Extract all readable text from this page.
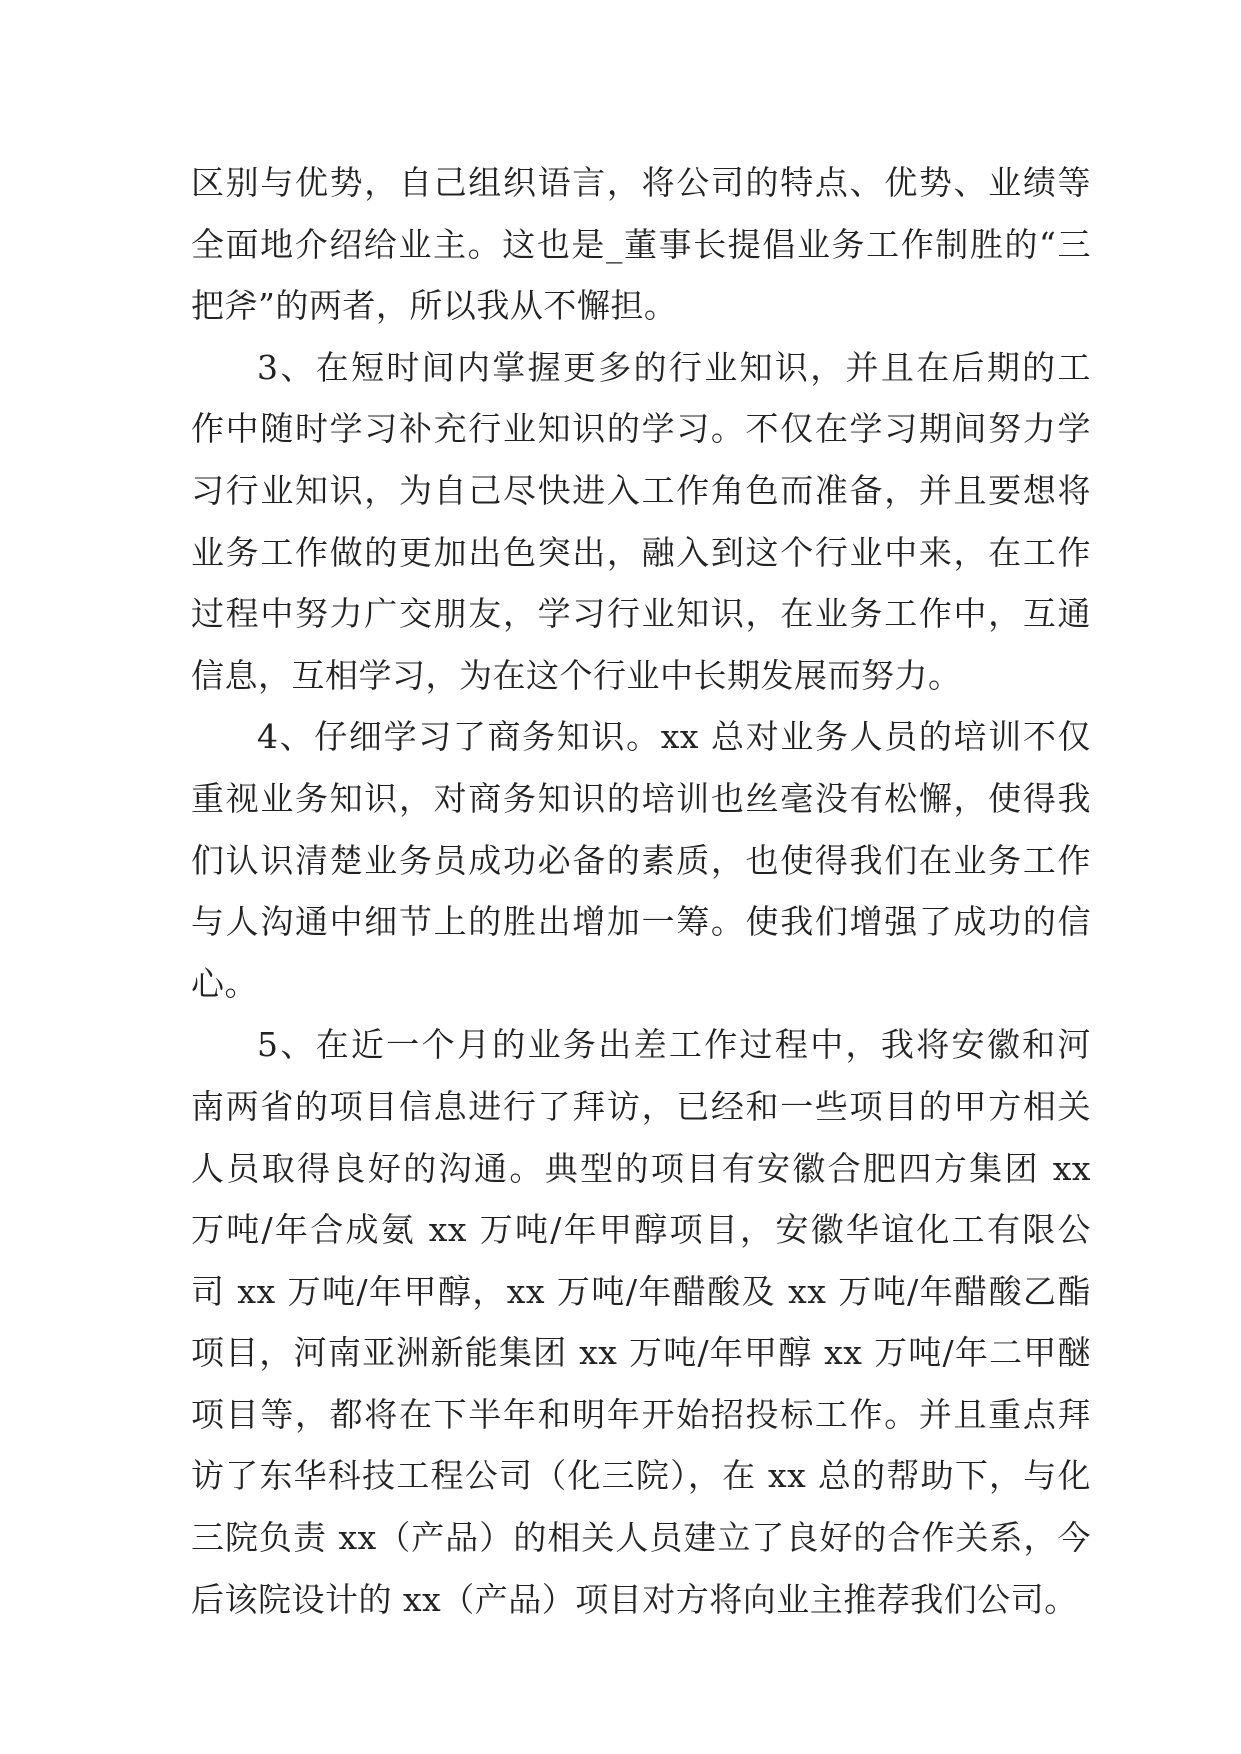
区别与优势，自己组织语言，将公司的特点、优势、业绩等
全面地介绍给业主。这也是_董事长提倡业务工作制胜的“三
把斧”的两者，所以我从不懈担。
3、在短时间内掌握更多的行业知识，并且在后期的工
作中随时学习补充行业知识的学习。不仅在学习期间努力学
习行业知识，为自己尽快进入工作角色而准备，并且要想将
业务工作做的更加出色突出，融入到这个行业中来，在工作
过程中努力广交朋友，学习行业知识，在业务工作中，互通
信息，互相学习，为在这个行业中长期发展而努力。
4、仔细学习了商务知识。xx 总对业务人员的培训不仅
重视业务知识，对商务知识的培训也丝毫没有松懈，使得我
们认识清楚业务员成功必备的素质，也使得我们在业务工作
与人沟通中细节上的胜出增加一筹。使我们增强了成功的信
心。
5、在近一个月的业务出差工作过程中，我将安徽和河
南两省的项目信息进行了拜访，已经和一些项目的甲方相关
人员取得良好的沟通。典型的项目有安徽合肥四方集团 xx
万吨/年合成氨 xx 万吨/年甲醇项目，安徽华谊化工有限公
司 xx 万吨/年甲醇，xx 万吨/年醋酸及 xx 万吨/年醋酸乙酯
项目，河南亚洲新能集团 xx 万吨/年甲醇 xx 万吨/年二甲醚
项目等，都将在下半年和明年开始招投标工作。并且重点拜
访了东华科技工程公司（化三院），在 xx 总的帮助下，与化
三院负责 xx（产品）的相关人员建立了良好的合作关系，今
后该院设计的 xx（产品）项目对方将向业主推荐我们公司。
